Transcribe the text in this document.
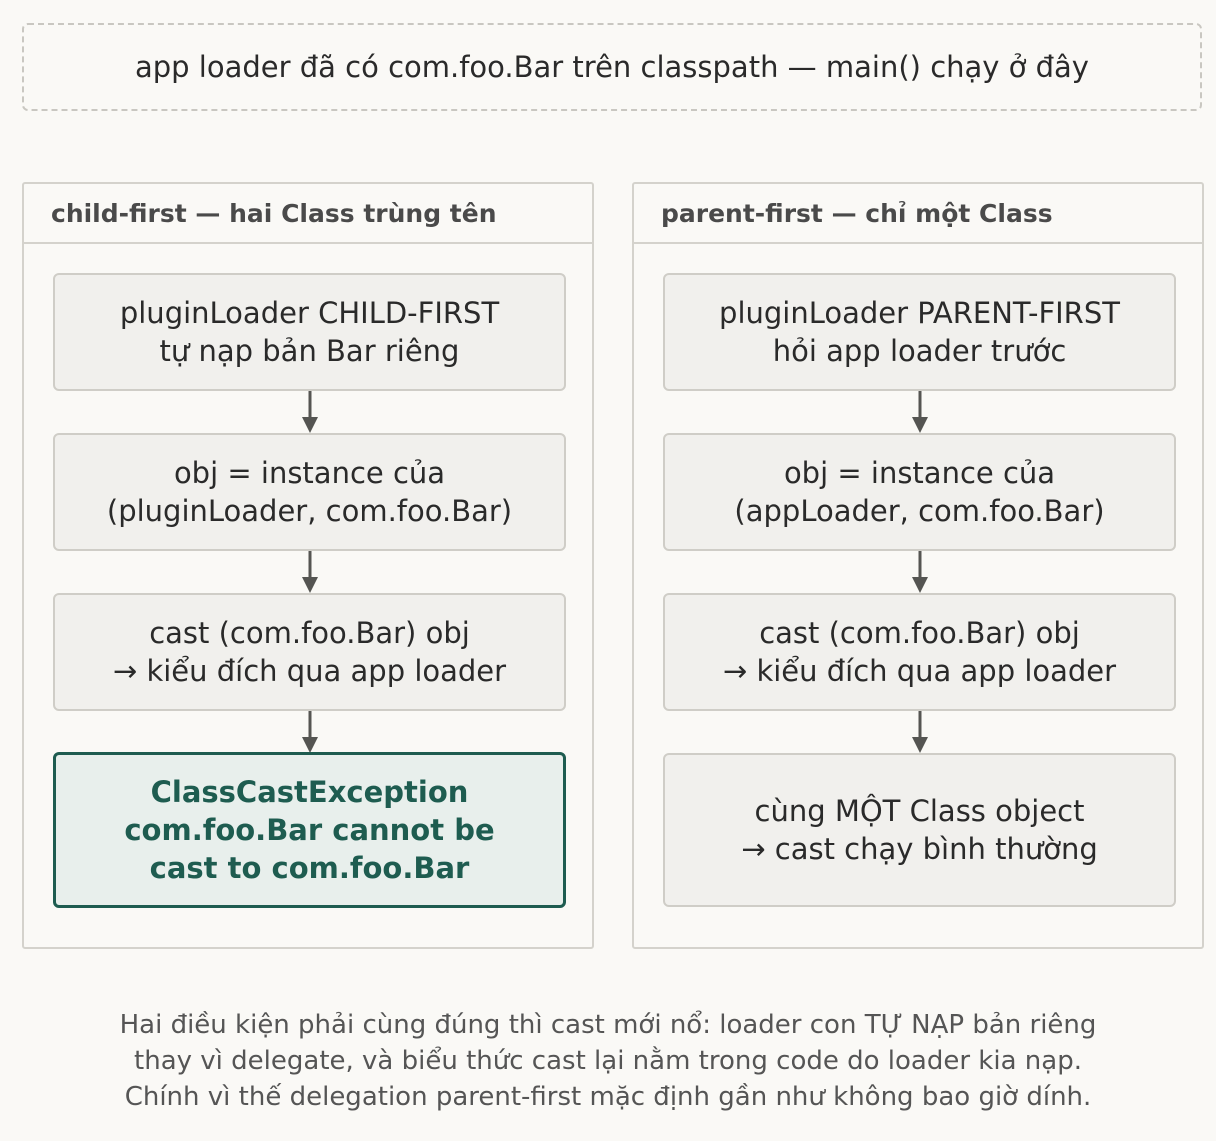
app loader đã có com.foo.Bar trên classpath — main() chạy ở đây
child-first — hai Class trùng tên
pluginLoader CHILD-FIRST
tự nạp bản Bar riêng
obj = instance của
(pluginLoader, com.foo.Bar)
cast (com.foo.Bar) obj
→ kiểu đích qua app loader
ClassCastException
com.foo.Bar cannot be
cast to com.foo.Bar
parent-first — chỉ một Class
pluginLoader PARENT-FIRST
hỏi app loader trước
obj = instance của
(appLoader, com.foo.Bar)
cast (com.foo.Bar) obj
→ kiểu đích qua app loader
cùng MỘT Class object
→ cast chạy bình thường
Hai điều kiện phải cùng đúng thì cast mới nổ: loader con TỰ NẠP bản riêng
thay vì delegate, và biểu thức cast lại nằm trong code do loader kia nạp.
Chính vì thế delegation parent-first mặc định gần như không bao giờ dính.
